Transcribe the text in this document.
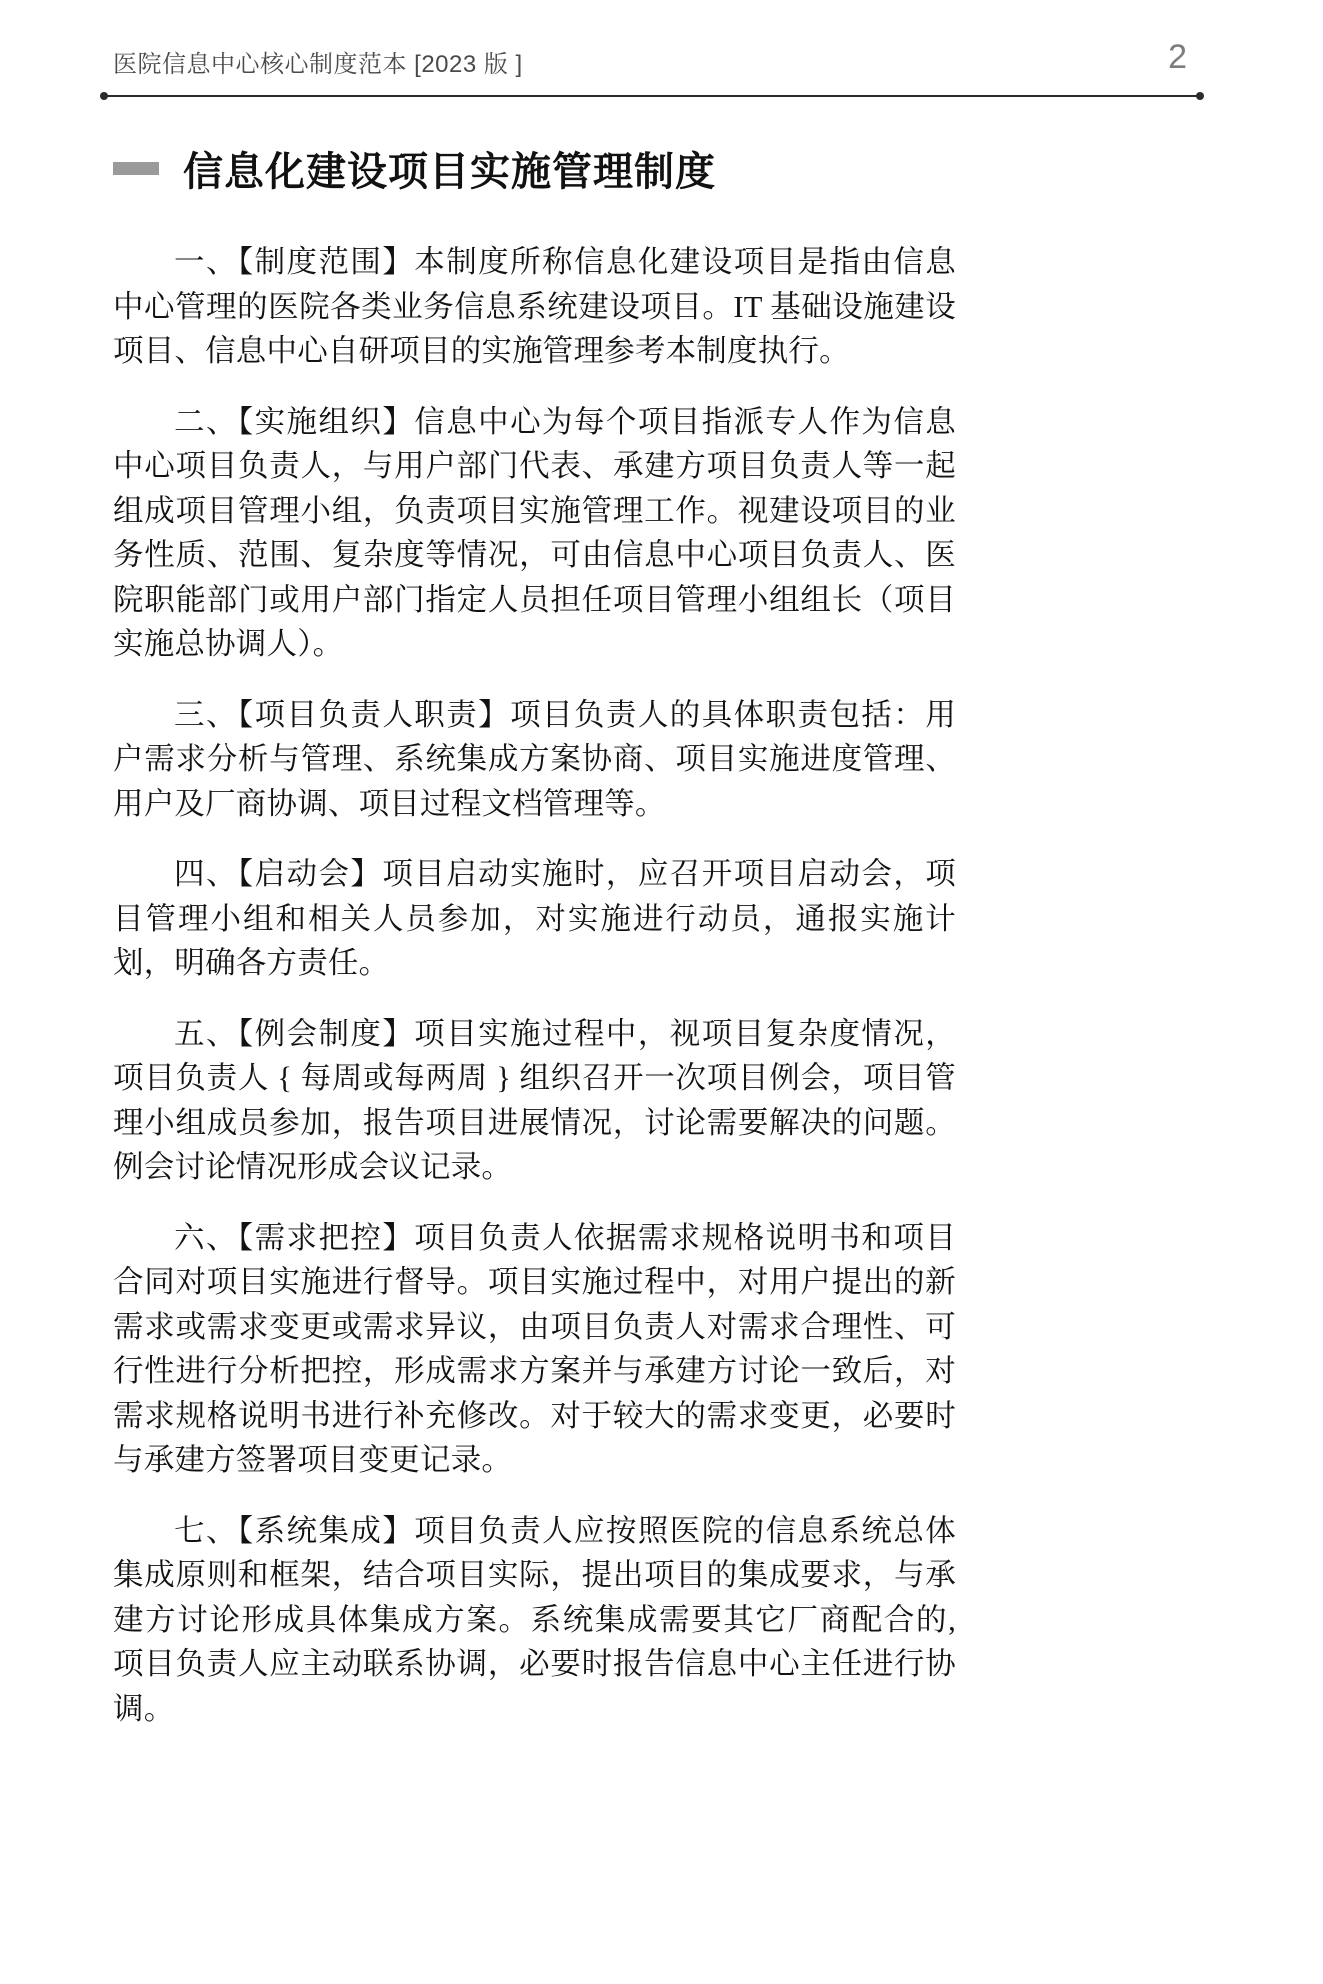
医院信息中心核心制度范本 [2023 版 ]	2
信息化建设项目实施管理制度

一、【制度范围】本制度所称信息化建设项目是指由信息中心管理的医院各类业务信息系统建设项目。IT 基础设施建设项目、信息中心自研项目的实施管理参考本制度执行。

二、【实施组织】信息中心为每个项目指派专人作为信息中心项目负责人，与用户部门代表、承建方项目负责人等一起组成项目管理小组，负责项目实施管理工作。视建设项目的业务性质、范围、复杂度等情况，可由信息中心项目负责人、医院职能部门或用户部门指定人员担任项目管理小组组长（项目实施总协调人）。

三、【项目负责人职责】项目负责人的具体职责包括：用户需求分析与管理、系统集成方案协商、项目实施进度管理、用户及厂商协调、项目过程文档管理等。

四、【启动会】项目启动实施时，应召开项目启动会，项目管理小组和相关人员参加，对实施进行动员，通报实施计划，明确各方责任。

五、【例会制度】项目实施过程中，视项目复杂度情况，项目负责人 { 每周或每两周 } 组织召开一次项目例会，项目管理小组成员参加，报告项目进展情况，讨论需要解决的问题。例会讨论情况形成会议记录。

六、【需求把控】项目负责人依据需求规格说明书和项目合同对项目实施进行督导。项目实施过程中，对用户提出的新需求或需求变更或需求异议，由项目负责人对需求合理性、可行性进行分析把控，形成需求方案并与承建方讨论一致后，对需求规格说明书进行补充修改。对于较大的需求变更，必要时与承建方签署项目变更记录。

七、【系统集成】项目负责人应按照医院的信息系统总体集成原则和框架，结合项目实际，提出项目的集成要求，与承建方讨论形成具体集成方案。系统集成需要其它厂商配合的, 项目负责人应主动联系协调，必要时报告信息中心主任进行协调。
